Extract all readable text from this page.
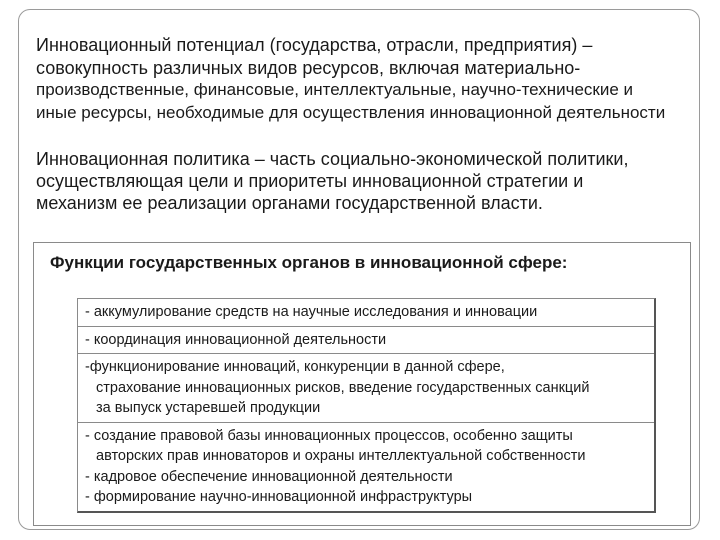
Инновационный потенциал (государства, отрасли, предприятия) –
совокупность различных видов ресурсов, включая материально-
производственные, финансовые, интеллектуальные, научно-технические и
иные ресурсы, необходимые для осуществления инновационной деятельности
Инновационная политика – часть социально-экономической политики,
осуществляющая цели и приоритеты инновационной стратегии и
механизм ее реализации органами государственной власти.
Функции государственных органов в инновационной сфере:
- аккумулирование средств на научные исследования и инновации
- координация инновационной деятельности
-функционирование инноваций, конкуренции в данной сфере,
страхование инновационных рисков, введение государственных санкций
за выпуск устаревшей продукции
- создание правовой базы инновационных процессов, особенно защиты
авторских прав инноваторов и охраны интеллектуальной собственности
- кадровое обеспечение инновационной деятельности
- формирование научно-инновационной инфраструктуры
